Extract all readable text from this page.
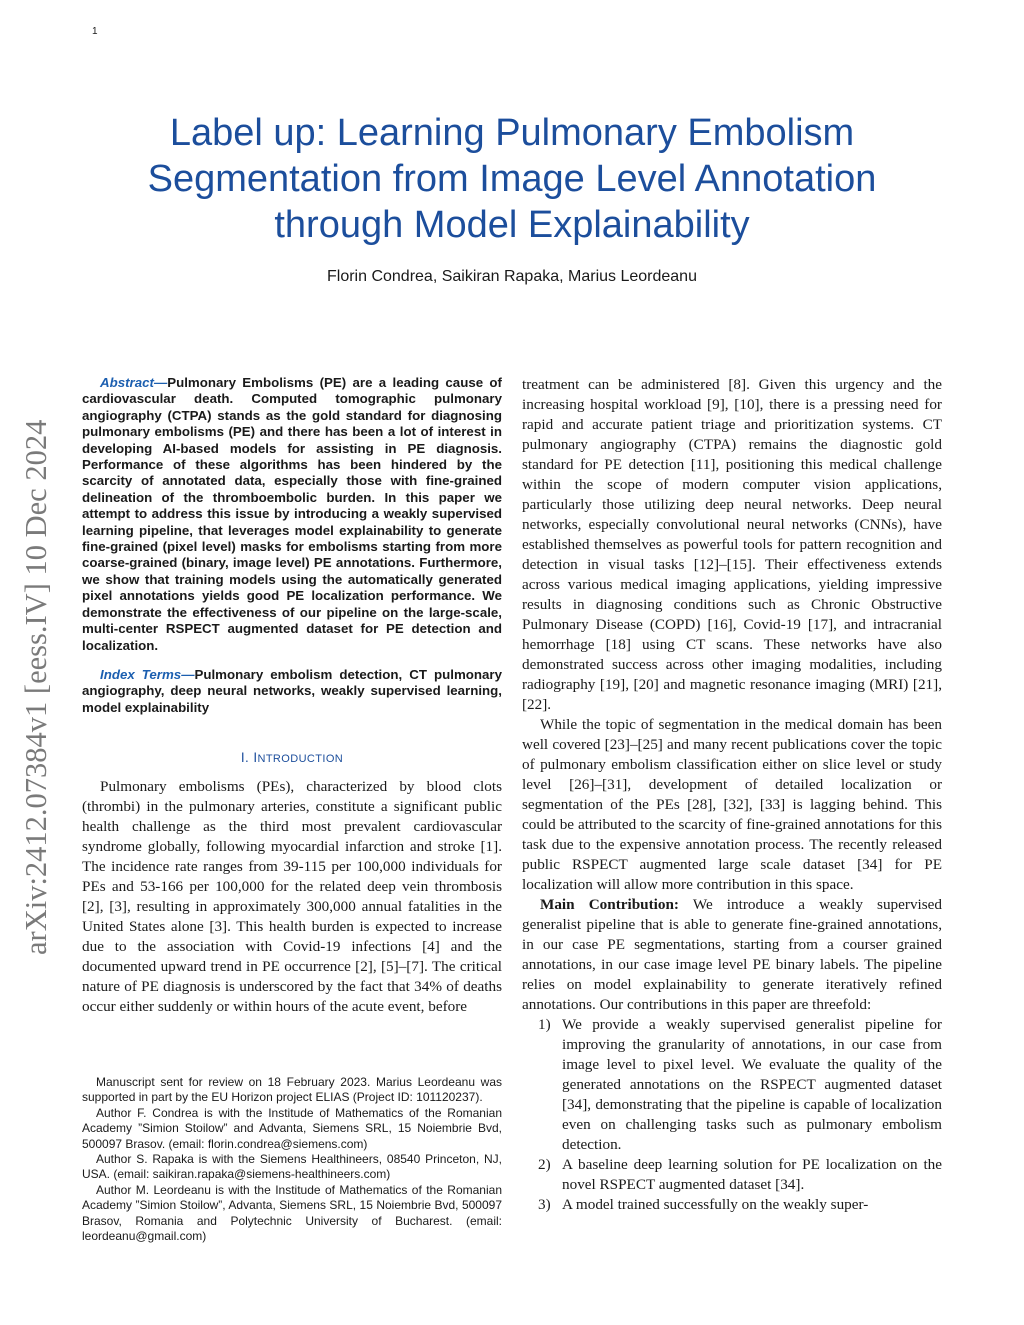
1
arXiv:2412.07384v1 [eess.IV] 10 Dec 2024
Label up: Learning Pulmonary Embolism
Segmentation from Image Level Annotation
through Model Explainability
Florin Condrea, Saikiran Rapaka, Marius Leordeanu

Abstract—Pulmonary Embolisms (PE) are a leading cause of cardiovascular death. Computed tomographic pulmonary angiography (CTPA) stands as the gold standard for diagnosing pulmonary embolisms (PE) and there has been a lot of interest in developing AI-based models for assisting in PE diagnosis. Performance of these algorithms has been hindered by the scarcity of annotated data, especially those with fine-grained delineation of the thromboembolic burden. In this paper we attempt to address this issue by introducing a weakly supervised learning pipeline, that leverages model explainability to generate fine-grained (pixel level) masks for embolisms starting from more coarse-grained (binary, image level) PE annotations. Furthermore, we show that training models using the automatically generated pixel annotations yields good PE localization performance. We demonstrate the effectiveness of our pipeline on the large-scale, multi-center RSPECT augmented dataset for PE detection and localization.

Index Terms—Pulmonary embolism detection, CT pulmonary angiography, deep neural networks, weakly supervised learning, model explainability

I. INTRODUCTION

Pulmonary embolisms (PEs), characterized by blood clots (thrombi) in the pulmonary arteries, constitute a significant public health challenge as the third most prevalent cardiovascular syndrome globally, following myocardial infarction and stroke [1]. The incidence rate ranges from 39-115 per 100,000 individuals for PEs and 53-166 per 100,000 for the related deep vein thrombosis [2], [3], resulting in approximately 300,000 annual fatalities in the United States alone [3]. This health burden is expected to increase due to the association with Covid-19 infections [4] and the documented upward trend in PE occurrence [2], [5]–[7]. The critical nature of PE diagnosis is underscored by the fact that 34% of deaths occur either suddenly or within hours of the acute event, before

Manuscript sent for review on 18 February 2023. Marius Leordeanu was supported in part by the EU Horizon project ELIAS (Project ID: 101120237).

Author F. Condrea is with the Institude of Mathematics of the Romanian Academy ”Simion Stoilow” and Advanta, Siemens SRL, 15 Noiembrie Bvd, 500097 Brasov. (email: florin.condrea@siemens.com)

Author S. Rapaka is with the Siemens Healthineers, 08540 Princeton, NJ, USA. (email: saikiran.rapaka@siemens-healthineers.com)

Author M. Leordeanu is with the Institude of Mathematics of the Romanian Academy ”Simion Stoilow”, Advanta, Siemens SRL, 15 Noiembrie Bvd, 500097 Brasov, Romania and Polytechnic University of Bucharest. (email: leordeanu@gmail.com)

treatment can be administered [8]. Given this urgency and the increasing hospital workload [9], [10], there is a pressing need for rapid and accurate patient triage and prioritization systems. CT pulmonary angiography (CTPA) remains the diagnostic gold standard for PE detection [11], positioning this medical challenge within the scope of modern computer vision applications, particularly those utilizing deep neural networks. Deep neural networks, especially convolutional neural networks (CNNs), have established themselves as powerful tools for pattern recognition and detection in visual tasks [12]–[15]. Their effectiveness extends across various medical imaging applications, yielding impressive results in diagnosing conditions such as Chronic Obstructive Pulmonary Disease (COPD) [16], Covid-19 [17], and intracranial hemorrhage [18] using CT scans. These networks have also demonstrated success across other imaging modalities, including radiography [19], [20] and magnetic resonance imaging (MRI) [21], [22].

While the topic of segmentation in the medical domain has been well covered [23]–[25] and many recent publications cover the topic of pulmonary embolism classification either on slice level or study level [26]–[31], development of detailed localization or segmentation of the PEs [28], [32], [33] is lagging behind. This could be attributed to the scarcity of fine-grained annotations for this task due to the expensive annotation process. The recently released public RSPECT augmented large scale dataset [34] for PE localization will allow more contribution in this space.

Main Contribution: We introduce a weakly supervised generalist pipeline that is able to generate fine-grained annotations, in our case PE segmentations, starting from a courser grained annotations, in our case image level PE binary labels. The pipeline relies on model explainability to generate iteratively refined annotations. Our contributions in this paper are threefold:

1) We provide a weakly supervised generalist pipeline for improving the granularity of annotations, in our case from image level to pixel level. We evaluate the quality of the generated annotations on the RSPECT augmented dataset [34], demonstrating that the pipeline is capable of localization even on challenging tasks such as pulmonary embolism detection.
2) A baseline deep learning solution for PE localization on the novel RSPECT augmented dataset [34].
3) A model trained successfully on the weakly super-
